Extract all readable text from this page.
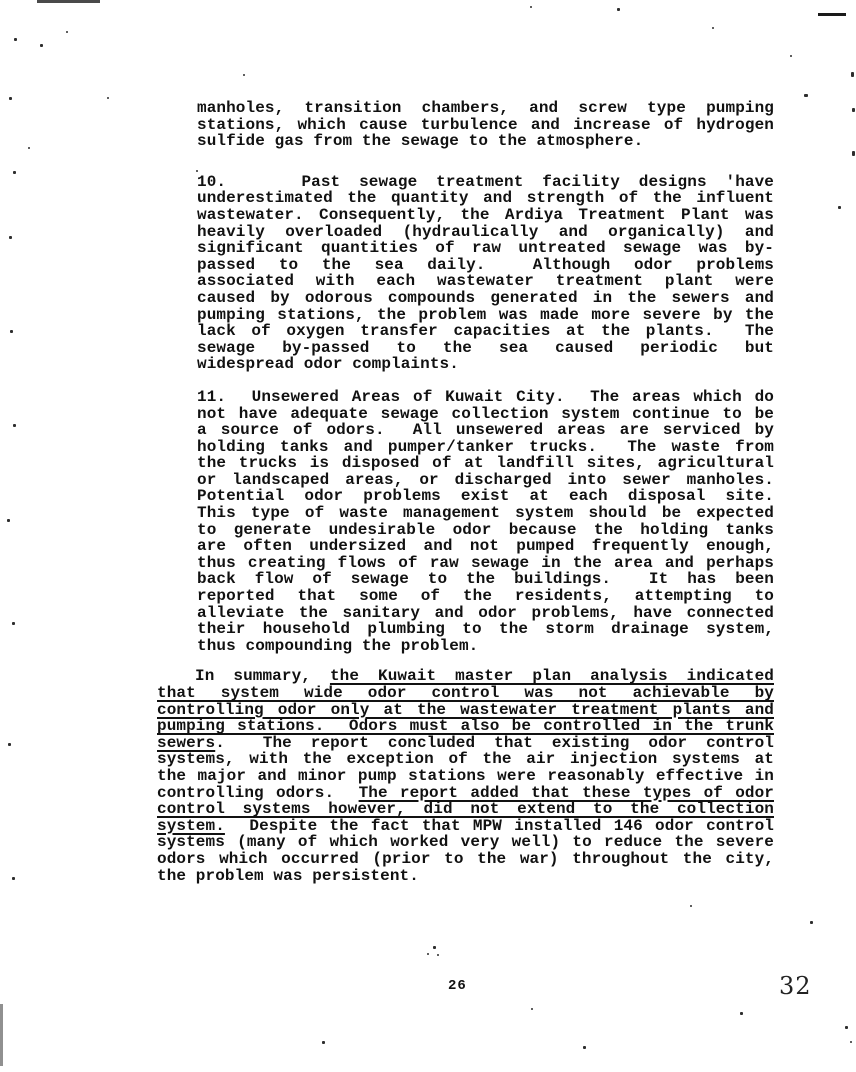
manholes, transition chambers, and screw type pumping
stations, which cause turbulence and increase of hydrogen
sulfide gas from the sewage to the atmosphere.
10.    Past sewage treatment facility designs 'have
underestimated the quantity and strength of the influent
wastewater. Consequently, the Ardiya Treatment Plant was
heavily overloaded (hydraulically and organically) and
significant quantities of raw untreated sewage was by-
passed to the sea daily.  Although odor problems
associated with each wastewater treatment plant were
caused by odorous compounds generated in the sewers and
pumping stations, the problem was made more severe by the
lack of oxygen transfer capacities at the plants.  The
sewage by-passed to the sea caused periodic but
widespread odor complaints.
11.  Unsewered Areas of Kuwait City.  The areas which do
not have adequate sewage collection system continue to be
a source of odors.  All unsewered areas are serviced by
holding tanks and pumper/tanker trucks.  The waste from
the trucks is disposed of at landfill sites, agricultural
or landscaped areas, or discharged into sewer manholes.
Potential odor problems exist at each disposal site.
This type of waste management system should be expected
to generate undesirable odor because the holding tanks
are often undersized and not pumped frequently enough,
thus creating flows of raw sewage in the area and perhaps
back flow of sewage to the buildings.  It has been
reported that some of the residents, attempting to
alleviate the sanitary and odor problems, have connected
their household plumbing to the storm drainage system,
thus compounding the problem.
In summary, the Kuwait master plan analysis indicated
that system wide odor control was not achievable by
controlling odor only at the wastewater treatment plants and
pumping stations.  Odors must also be controlled in the trunk
sewers.  The report concluded that existing odor control
systems, with the exception of the air injection systems at
the major and minor pump stations were reasonably effective in
controlling odors.  The report added that these types of odor
control systems however, did not extend to the collection
system.  Despite the fact that MPW installed 146 odor control
systems (many of which worked very well) to reduce the severe
odors which occurred (prior to the war) throughout the city,
the problem was persistent.
26	32
